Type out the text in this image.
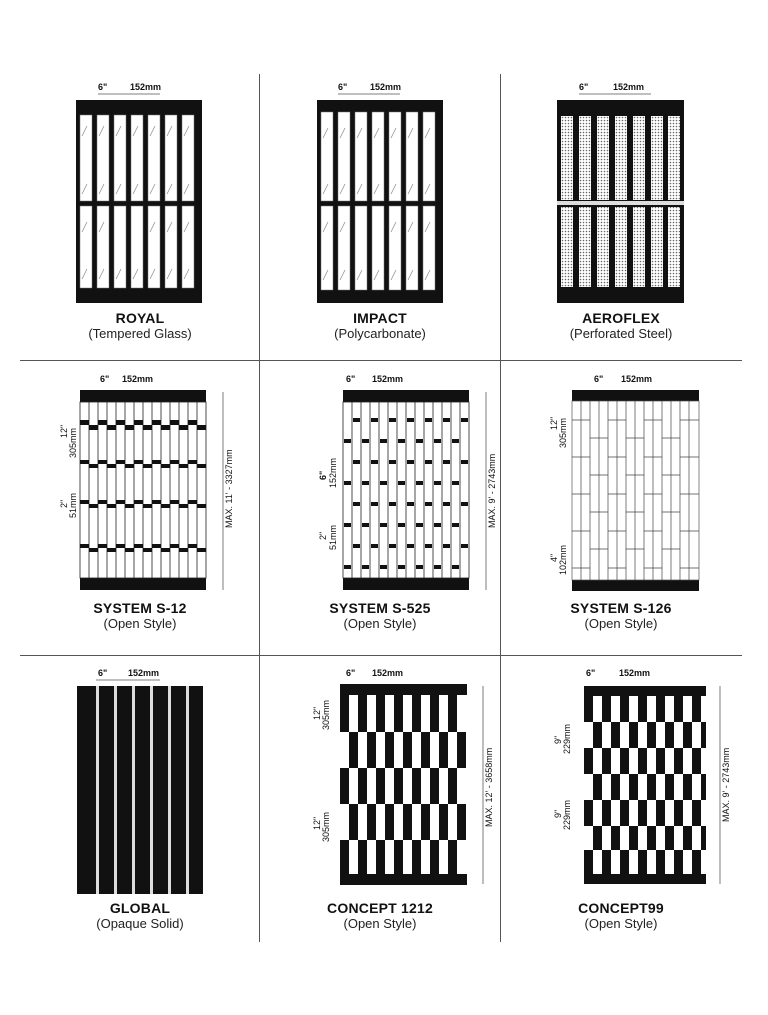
6"	152mm
ROYAL
(Tempered Glass)
6"	152mm
IMPACT
(Polycarbonate)
6"	152mm
AEROFLEX
(Perforated Steel)
6" 152mm
MAX. 11' - 3327mm
12" 305mm
2" 51mm
SYSTEM S-12
(Open Style)
6" 152mm
MAX. 9' - 2743mm
6" 152mm
2" 51mm
SYSTEM S-525
(Open Style)
6" 152mm
12" 305mm
4" 102mm
SYSTEM S-126
(Open Style)
6" 152mm
GLOBAL
(Opaque Solid)
6" 152mm
MAX. 12' - 3658mm
12" 305mm
12" 305mm
CONCEPT 1212
(Open Style)
6"	152mm
MAX. 9' - 2743mm
9" 229mm
9" 229mm
CONCEPT99
(Open Style)
